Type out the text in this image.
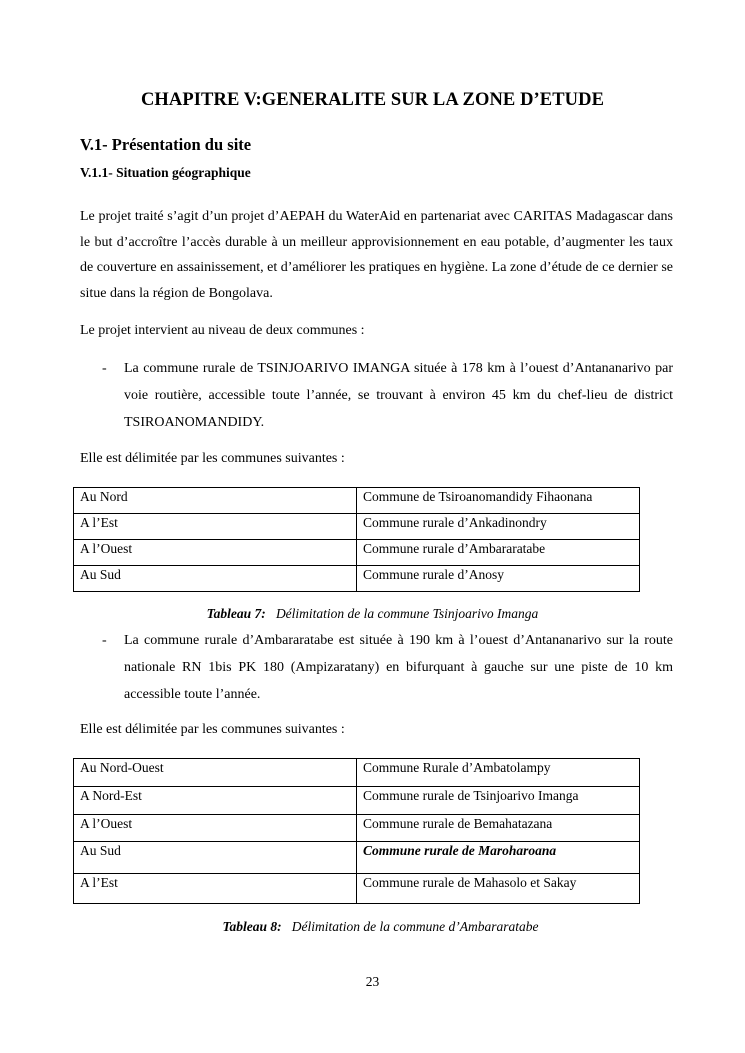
CHAPITRE V:GENERALITE SUR LA ZONE D’ETUDE
V.1- Présentation du site
V.1.1- Situation géographique
Le projet traité s’agit d’un projet d’AEPAH du WaterAid en partenariat avec CARITAS Madagascar dans le but d’accroître l’accès durable à un meilleur approvisionnement en eau potable, d’augmenter les taux de couverture en assainissement, et d’améliorer les pratiques en hygiène. La zone d’étude de ce dernier se situe dans la région de Bongolava.
Le projet intervient au niveau de deux communes :
- La commune rurale de TSINJOARIVO IMANGA située à 178 km à l’ouest d’Antananarivo par voie routière, accessible toute l’année, se trouvant à environ 45 km du chef-lieu de district TSIROANOMANDIDY.
Elle est délimitée par les communes suivantes :
Au Nord	Commune de Tsiroanomandidy Fihaonana
A l’Est	Commune rurale d’Ankadinondry
A l’Ouest	Commune rurale d’Ambararatabe
Au Sud	Commune rurale d’Anosy
Tableau 7: Délimitation de la commune Tsinjoarivo Imanga
- La commune rurale d’Ambararatabe est située à 190 km à l’ouest d’Antananarivo sur la route nationale RN 1bis PK 180 (Ampizaratany) en bifurquant à gauche sur une piste de 10 km accessible toute l’année.
Elle est délimitée par les communes suivantes :
Au Nord-Ouest	Commune Rurale d’Ambatolampy
A Nord-Est	Commune rurale de Tsinjoarivo Imanga
A l’Ouest	Commune rurale de Bemahatazana
Au Sud	Commune rurale de Maroharoana
A l’Est	Commune rurale de Mahasolo et Sakay
Tableau 8: Délimitation de la commune d’Ambararatabe
23
